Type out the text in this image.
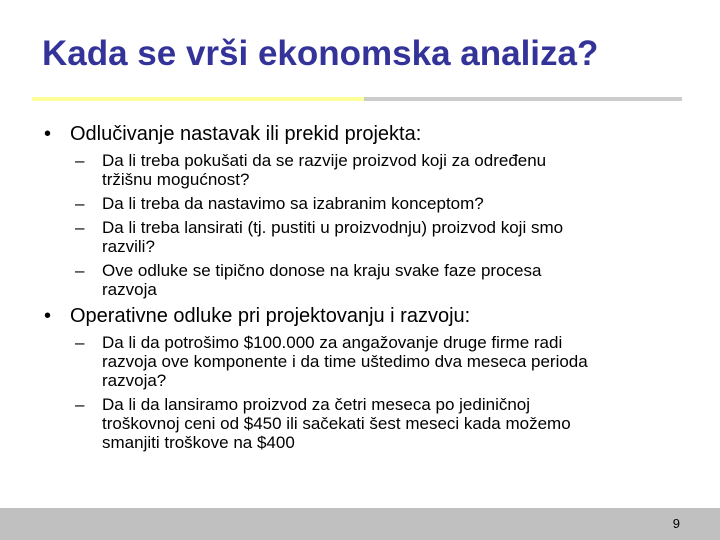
Kada se vrši ekonomska analiza?
• Odlučivanje nastavak ili prekid projekta:
– Da li treba pokušati da se razvije proizvod koji za određenu
tržišnu mogućnost?
– Da li treba da nastavimo sa izabranim konceptom?
– Da li treba lansirati (tj. pustiti u proizvodnju) proizvod koji smo
razvili?
– Ove odluke se tipično donose na kraju svake faze procesa
razvoja
• Operativne odluke pri projektovanju i razvoju:
– Da li da potrošimo $100.000 za angažovanje druge firme radi
razvoja ove komponente i da time uštedimo dva meseca perioda
razvoja?
– Da li da lansiramo proizvod za četri meseca po jediničnoj
troškovnoj ceni od $450 ili sačekati šest meseci kada možemo
smanjiti troškove na $400
9
